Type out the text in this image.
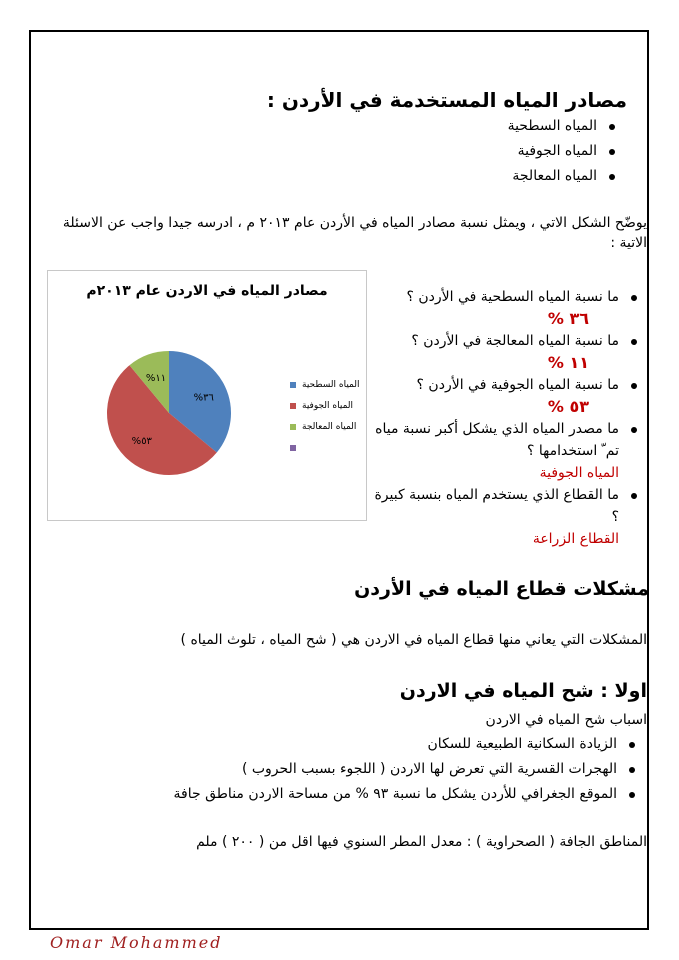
مصادر المياه المستخدمة في الأردن :
المياه السطحية
المياه الجوفية
المياه المعالجة
يوضّح الشكل الاتي ، ويمثل نسبة مصادر المياه في الأردن عام ٢٠١٣ م ، ادرسه جيدا واجب عن الاسئلة الاتية :
مصادر المياه في الاردن عام ٢٠١٣م
%٣٦
%٥٣
%١١
المياه السطحية
المياه الجوفية
المياه المعالجة
ما نسبة المياه السطحية في الأردن ؟
٣٦ %
ما نسبة المياه المعالجة في الأردن ؟
١١ %
ما نسبة المياه الجوفية في الأردن ؟
٥٣ %
ما مصدر المياه الذي يشكل أكبر نسبة مياه تم ّ استخدامها ؟
المياه الجوفية
ما القطاع الذي يستخدم المياه بنسبة كبيرة ؟
القطاع الزراعة
مشكلات قطاع المياه في الأردن
المشكلات التي يعاني منها قطاع المياه في الاردن هي ( شح المياه ، تلوث المياه )
اولا : شح المياه في الاردن
اسباب شح المياه في الاردن
الزيادة السكانية الطبيعية للسكان
الهجرات القسرية التي تعرض لها الاردن ( اللجوء بسبب الحروب )
الموقع الجغرافي للأردن يشكل ما نسبة ٩٣ % من مساحة الاردن مناطق جافة
المناطق الجافة ( الصحراوية ) : معدل المطر السنوي فيها اقل من ( ٢٠٠ ) ملم
Omar Mohammed
